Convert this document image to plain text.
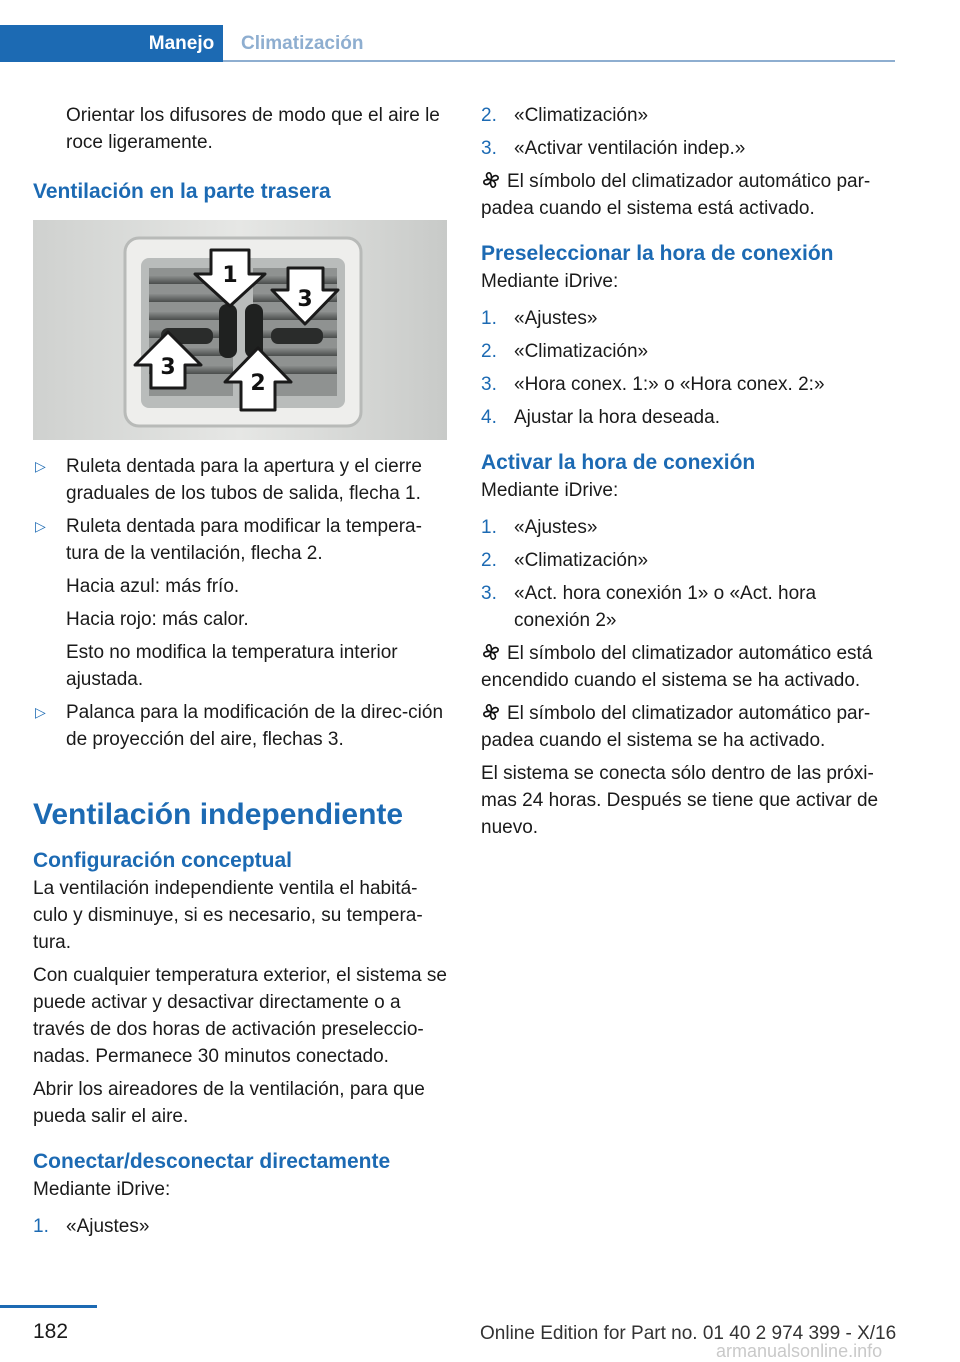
Manejo	Climatización

Orientar los difusores de modo que el aire le roce ligeramente.

Ventilación en la parte trasera

1
2
3
3
▷ Ruleta dentada para la apertura y el cierre graduales de los tubos de salida, flecha 1.

▷ Ruleta dentada para modificar la tempera‐tura de la ventilación, flecha 2.

Hacia azul: más frío.

Hacia rojo: más calor.

Esto no modifica la temperatura interior ajustada.

▷ Palanca para la modificación de la direc‐ción de proyección del aire, flechas 3.

Ventilación independiente

Configuración conceptual

La ventilación independiente ventila el habitá‐culo y disminuye, si es necesario, su tempera‐tura.

Con cualquier temperatura exterior, el sistema se puede activar y desactivar directamente o a través de dos horas de activación preseleccio‐nadas. Permanece 30 minutos conectado.

Abrir los aireadores de la ventilación, para que pueda salir el aire.

Conectar/desconectar directamente

Mediante iDrive:

1. «Ajustes»

2. «Climatización»

3. «Activar ventilación indep.»

El símbolo del climatizador automático par‐padea cuando el sistema está activado.

Preseleccionar la hora de conexión

Mediante iDrive:

1. «Ajustes»

2. «Climatización»

3. «Hora conex. 1:» o «Hora conex. 2:»

4. Ajustar la hora deseada.

Activar la hora de conexión

Mediante iDrive:

1. «Ajustes»

2. «Climatización»

3. «Act. hora conexión 1» o «Act. hora conexión 2»

El símbolo del climatizador automático está encendido cuando el sistema se ha activado.

El símbolo del climatizador automático par‐padea cuando el sistema se ha activado.

El sistema se conecta sólo dentro de las próxi‐mas 24 horas. Después se tiene que activar de nuevo.

182	Online Edition for Part no. 01 40 2 974 399 - X/16
armanualsonline.info
